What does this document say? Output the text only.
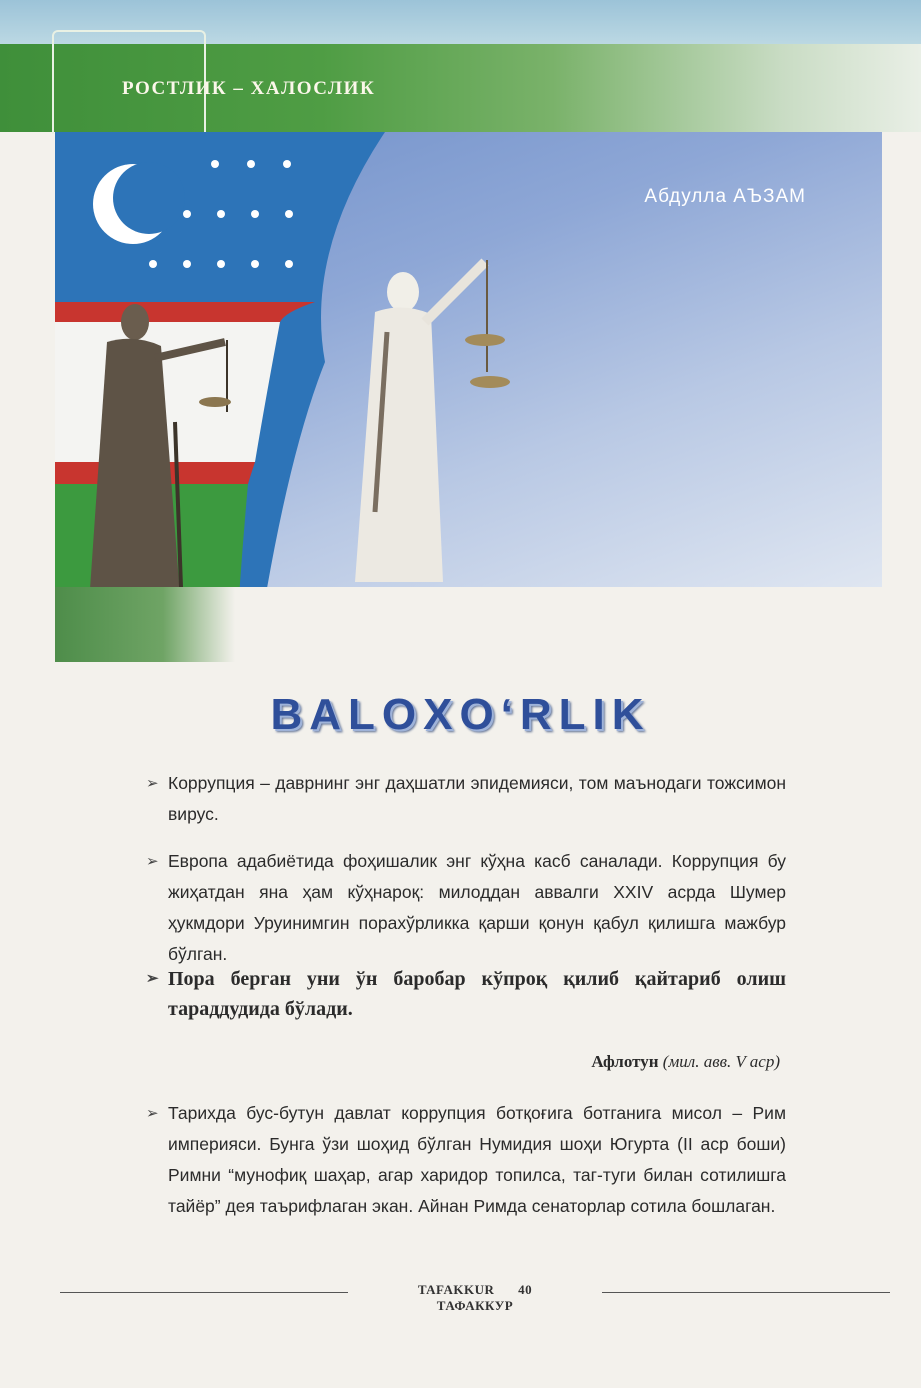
РОСТЛИК – ХАЛОСЛИК
Абдулла АЪЗАМ
BALOXO‘RLIK
➢ Коррупция – даврнинг энг даҳшатли эпидемияси, том маънодаги тожсимон вирус.
➢ Европа адабиётида фоҳишалик энг кўҳна касб саналади. Коррупция бу жиҳатдан яна ҳам кўҳнароқ: милоддан аввалги XXIV асрда Шумер ҳукмдори Уруинимгин порахўрликка қарши қонун қабул қилишга мажбур бўлган.
➢ Пора берган уни ўн баробар кўпроқ қилиб қайтариб олиш тараддудида бўлади.
Афлотун (мил. авв. V аср)
➢ Тарихда бус-бутун давлат коррупция ботқоғига ботганига мисол – Рим империяси. Бунга ўзи шоҳид бўлган Нумидия шоҳи Югурта (II аср боши) Римни “мунофиқ шаҳар, агар харидор топилса, таг-туги билан сотилишга тайёр” дея таърифлаган экан. Айнан Римда сенаторлар сотила бошлаган.
TAFAKKUR 40 ТАФАККУР
